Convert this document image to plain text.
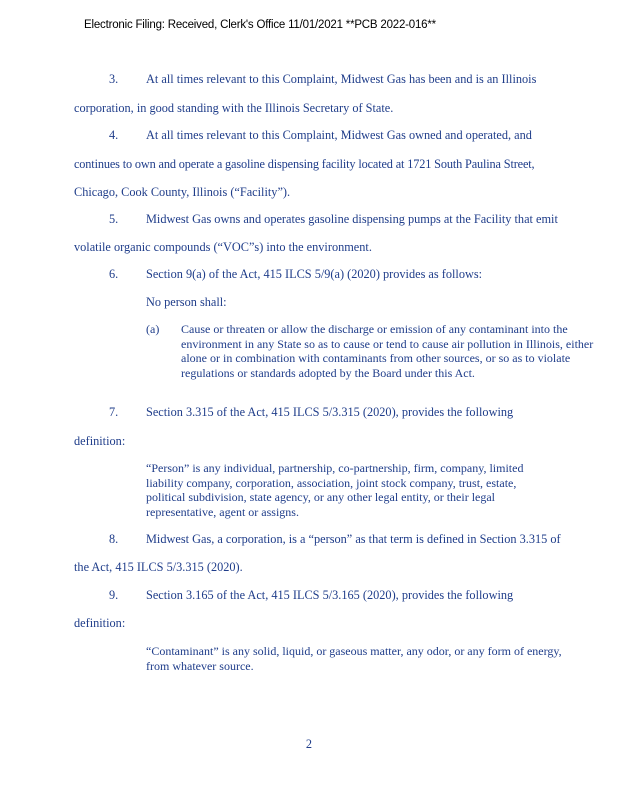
Electronic Filing: Received, Clerk's Office 11/01/2021 **PCB 2022-016**
3. At all times relevant to this Complaint, Midwest Gas has been and is an Illinois
corporation, in good standing with the Illinois Secretary of State.
4. At all times relevant to this Complaint, Midwest Gas owned and operated, and
continues to own and operate a gasoline dispensing facility located at 1721 South Paulina Street,
Chicago, Cook County, Illinois (“Facility”).
5. Midwest Gas owns and operates gasoline dispensing pumps at the Facility that emit
volatile organic compounds (“VOC”s) into the environment.
6. Section 9(a) of the Act, 415 ILCS 5/9(a) (2020) provides as follows:
No person shall:
(a) Cause or threaten or allow the discharge or emission of any contaminant into the environment in any State so as to cause or tend to cause air pollution in Illinois, either alone or in combination with contaminants from other sources, or so as to violate regulations or standards adopted by the Board under this Act.
7. Section 3.315 of the Act, 415 ILCS 5/3.315 (2020), provides the following
definition:
“Person” is any individual, partnership, co-partnership, firm, company, limited liability company, corporation, association, joint stock company, trust, estate, political subdivision, state agency, or any other legal entity, or their legal representative, agent or assigns.
8. Midwest Gas, a corporation, is a “person” as that term is defined in Section 3.315 of
the Act, 415 ILCS 5/3.315 (2020).
9. Section 3.165 of the Act, 415 ILCS 5/3.165 (2020), provides the following
definition:
“Contaminant” is any solid, liquid, or gaseous matter, any odor, or any form of energy, from whatever source.
2
